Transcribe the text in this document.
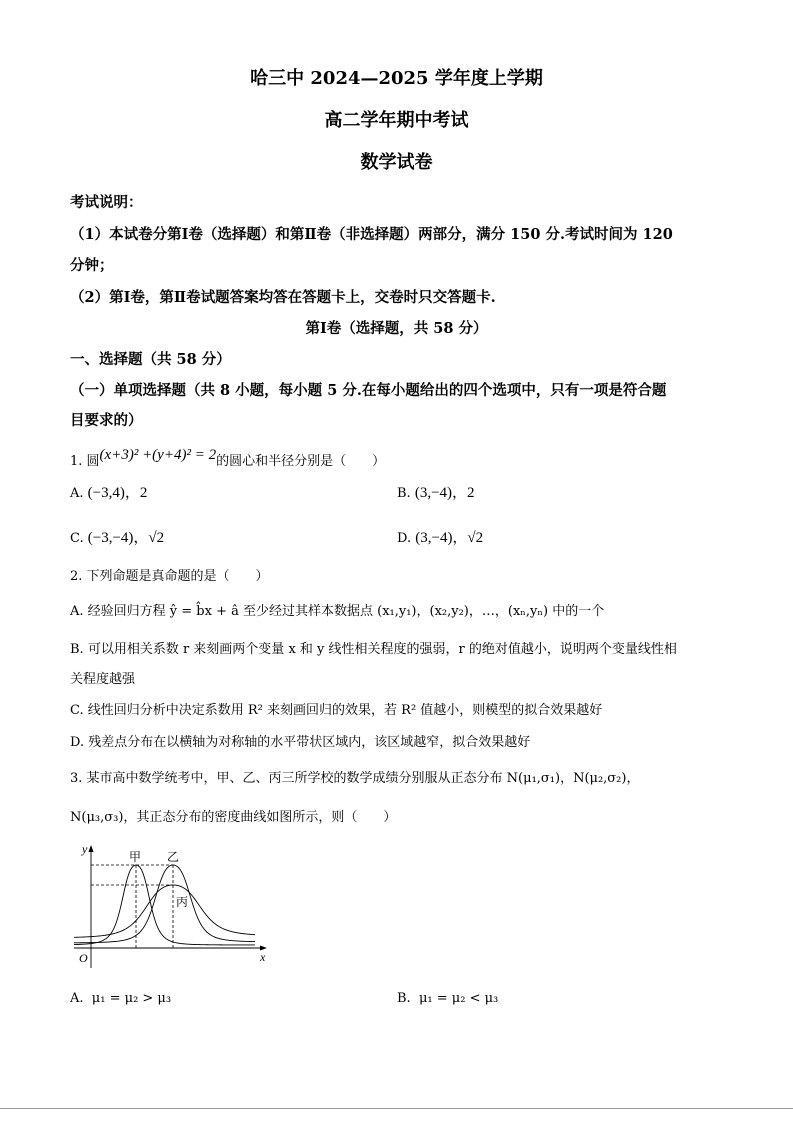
哈三中 2024—2025 学年度上学期
高二学年期中考试
数学试卷
考试说明：
（1）本试卷分第Ⅰ卷（选择题）和第Ⅱ卷（非选择题）两部分，满分 150 分.考试时间为 120
分钟；
（2）第Ⅰ卷，第Ⅱ卷试题答案均答在答题卡上，交卷时只交答题卡.
第Ⅰ卷（选择题，共 58 分）
一、选择题（共 58 分）
（一）单项选择题（共 8 小题，每小题 5 分.在每小题给出的四个选项中，只有一项是符合题
目要求的）
1. 圆(x+3)² +(y+4)² = 2的圆心和半径分别是（　　）
A. (−3,4)，2	B. (3,−4)，2
C. (−3,−4)，√2	D. (3,−4)，√2
2. 下列命题是真命题的是（　　）
A. 经验回归方程 ŷ = b̂x + â 至少经过其样本数据点 (x₁,y₁)，(x₂,y₂)，…，(xₙ,yₙ) 中的一个
B. 可以用相关系数 r 来刻画两个变量 x 和 y 线性相关程度的强弱，r 的绝对值越小，说明两个变量线性相
关程度越强
C. 线性回归分析中决定系数用 R² 来刻画回归的效果，若 R² 值越小，则模型的拟合效果越好
D. 残差点分布在以横轴为对称轴的水平带状区域内，该区域越窄，拟合效果越好
3. 某市高中数学统考中，甲、乙、丙三所学校的数学成绩分别服从正态分布 N(μ₁,σ₁)，N(μ₂,σ₂)，
N(μ₃,σ₃)，其正态分布的密度曲线如图所示，则（　　）
y
x
O
甲 乙
丙
A. μ₁ = μ₂ > μ₃	B. μ₁ = μ₂ < μ₃
